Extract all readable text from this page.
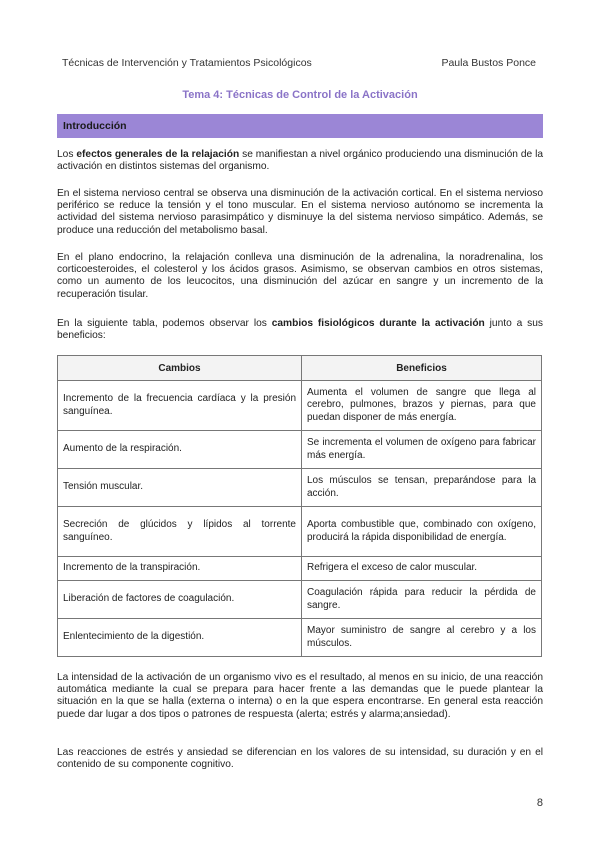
Técnicas de Intervención y Tratamientos Psicológicos	Paula Bustos Ponce
Tema 4: Técnicas de Control de la Activación
Introducción

Los efectos generales de la relajación se manifiestan a nivel orgánico produciendo una disminución de la activación en distintos sistemas del organismo.

En el sistema nervioso central se observa una disminución de la activación cortical. En el sistema nervioso periférico se reduce la tensión y el tono muscular. En el sistema nervioso autónomo se incrementa la actividad del sistema nervioso parasimpático y disminuye la del sistema nervioso simpático. Además, se produce una reducción del metabolismo basal.

En el plano endocrino, la relajación conlleva una disminución de la adrenalina, la noradrenalina, los corticoesteroides, el colesterol y los ácidos grasos. Asimismo, se observan cambios en otros sistemas, como un aumento de los leucocitos, una disminución del azúcar en sangre y un incremento de la recuperación tisular.

En la siguiente tabla, podemos observar los cambios fisiológicos durante la activación junto a sus beneficios:

Cambios	Beneficios
Incremento de la frecuencia cardíaca y la presión sanguínea.	Aumenta el volumen de sangre que llega al cerebro, pulmones, brazos y piernas, para que puedan disponer de más energía.
Aumento de la respiración.	Se incrementa el volumen de oxígeno para fabricar más energía.
Tensión muscular.	Los músculos se tensan, preparándose para la acción.
Secreción de glúcidos y lípidos al torrente sanguíneo.	Aporta combustible que, combinado con oxígeno, producirá la rápida disponibilidad de energía.
Incremento de la transpiración.	Refrigera el exceso de calor muscular.
Liberación de factores de coagulación.	Coagulación rápida para reducir la pérdida de sangre.
Enlentecimiento de la digestión.	Mayor suministro de sangre al cerebro y a los músculos.

La intensidad de la activación de un organismo vivo es el resultado, al menos en su inicio, de una reacción automática mediante la cual se prepara para hacer frente a las demandas que le puede plantear la situación en la que se halla (externa o interna) o en la que espera encontrarse. En general esta reacción puede dar lugar a dos tipos o patrones de respuesta (alerta; estrés y alarma;ansiedad).

Las reacciones de estrés y ansiedad se diferencian en los valores de su intensidad, su duración y en el contenido de su componente cognitivo.

8
